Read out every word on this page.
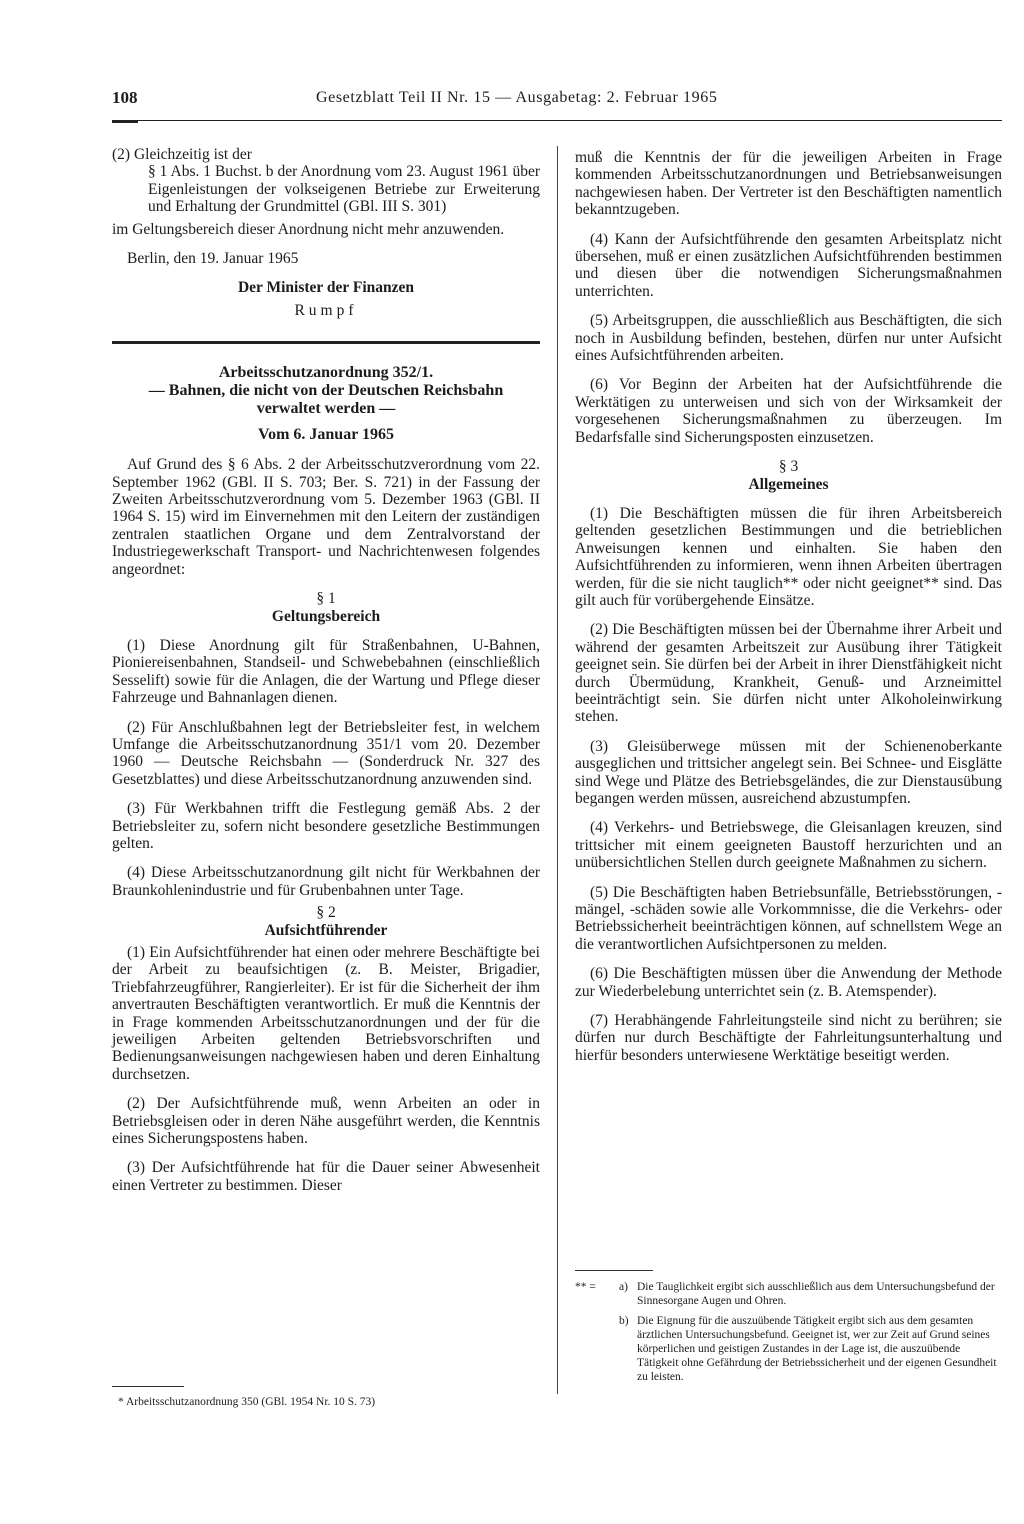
108	Gesetzblatt Teil II Nr. 15 — Ausgabetag: 2. Februar 1965

(2) Gleichzeitig ist der

§ 1 Abs. 1 Buchst. b der Anordnung vom 23. August 1961 über Eigenleistungen der volkseigenen Betriebe zur Erweiterung und Erhaltung der Grundmittel (GBl. III S. 301)

im Geltungsbereich dieser Anordnung nicht mehr anzuwenden.

Berlin, den 19. Januar 1965

Der Minister der Finanzen

Rumpf

Arbeitsschutzanordnung 352/1.

— Bahnen, die nicht von der Deutschen Reichsbahn verwaltet werden —

Vom 6. Januar 1965

Auf Grund des § 6 Abs. 2 der Arbeitsschutzverordnung vom 22. September 1962 (GBl. II S. 703; Ber. S. 721) in der Fassung der Zweiten Arbeitsschutzverordnung vom 5. Dezember 1963 (GBl. II 1964 S. 15) wird im Einvernehmen mit den Leitern der zuständigen zentralen staatlichen Organe und dem Zentralvorstand der Industriegewerkschaft Transport- und Nachrichtenwesen folgendes angeordnet:

§ 1

Geltungsbereich

(1) Diese Anordnung gilt für Straßenbahnen, U-Bahnen, Pioniereisenbahnen, Standseil- und Schwebebahnen (einschließlich Sesselift) sowie für die Anlagen, die der Wartung und Pflege dieser Fahrzeuge und Bahnanlagen dienen.

(2) Für Anschlußbahnen legt der Betriebsleiter fest, in welchem Umfange die Arbeitsschutzanordnung 351/1 vom 20. Dezember 1960 — Deutsche Reichsbahn — (Sonderdruck Nr. 327 des Gesetzblattes) und diese Arbeitsschutzanordnung anzuwenden sind.

(3) Für Werkbahnen trifft die Festlegung gemäß Abs. 2 der Betriebsleiter zu, sofern nicht besondere gesetzliche Bestimmungen gelten.

(4) Diese Arbeitsschutzanordnung gilt nicht für Werkbahnen der Braunkohlenindustrie und für Grubenbahnen unter Tage.

§ 2

Aufsichtführender

(1) Ein Aufsichtführender hat einen oder mehrere Beschäftigte bei der Arbeit zu beaufsichtigen (z. B. Meister, Brigadier, Triebfahrzeugführer, Rangierleiter). Er ist für die Sicherheit der ihm anvertrauten Beschäftigten verantwortlich. Er muß die Kenntnis der in Frage kommenden Arbeitsschutzanordnungen und der für die jeweiligen Arbeiten geltenden Betriebsvorschriften und Bedienungsanweisungen nachgewiesen haben und deren Einhaltung durchsetzen.

(2) Der Aufsichtführende muß, wenn Arbeiten an oder in Betriebsgleisen oder in deren Nähe ausgeführt werden, die Kenntnis eines Sicherungspostens haben.

(3) Der Aufsichtführende hat für die Dauer seiner Abwesenheit einen Vertreter zu bestimmen. Dieser

* Arbeitsschutzanordnung 350 (GBl. 1954 Nr. 10 S. 73)

muß die Kenntnis der für die jeweiligen Arbeiten in Frage kommenden Arbeitsschutzanordnungen und Betriebsanweisungen nachgewiesen haben. Der Vertreter ist den Beschäftigten namentlich bekanntzugeben.

(4) Kann der Aufsichtführende den gesamten Arbeitsplatz nicht übersehen, muß er einen zusätzlichen Aufsichtführenden bestimmen und diesen über die notwendigen Sicherungsmaßnahmen unterrichten.

(5) Arbeitsgruppen, die ausschließlich aus Beschäftigten, die sich noch in Ausbildung befinden, bestehen, dürfen nur unter Aufsicht eines Aufsichtführenden arbeiten.

(6) Vor Beginn der Arbeiten hat der Aufsichtführende die Werktätigen zu unterweisen und sich von der Wirksamkeit der vorgesehenen Sicherungsmaßnahmen zu überzeugen. Im Bedarfsfalle sind Sicherungsposten einzusetzen.

§ 3

Allgemeines

(1) Die Beschäftigten müssen die für ihren Arbeitsbereich geltenden gesetzlichen Bestimmungen und die betrieblichen Anweisungen kennen und einhalten. Sie haben den Aufsichtführenden zu informieren, wenn ihnen Arbeiten übertragen werden, für die sie nicht tauglich** oder nicht geeignet** sind. Das gilt auch für vorübergehende Einsätze.

(2) Die Beschäftigten müssen bei der Übernahme ihrer Arbeit und während der gesamten Arbeitszeit zur Ausübung ihrer Tätigkeit geeignet sein. Sie dürfen bei der Arbeit in ihrer Dienstfähigkeit nicht durch Übermüdung, Krankheit, Genuß- und Arzneimittel beeinträchtigt sein. Sie dürfen nicht unter Alkoholeinwirkung stehen.

(3) Gleisüberwege müssen mit der Schienenoberkante ausgeglichen und trittsicher angelegt sein. Bei Schnee- und Eisglätte sind Wege und Plätze des Betriebsgeländes, die zur Dienstausübung begangen werden müssen, ausreichend abzustumpfen.

(4) Verkehrs- und Betriebswege, die Gleisanlagen kreuzen, sind trittsicher mit einem geeigneten Baustoff herzurichten und an unübersichtlichen Stellen durch geeignete Maßnahmen zu sichern.

(5) Die Beschäftigten haben Betriebsunfälle, Betriebsstörungen, -mängel, -schäden sowie alle Vorkommnisse, die die Verkehrs- oder Betriebssicherheit beeinträchtigen können, auf schnellstem Wege an die verantwortlichen Aufsichtpersonen zu melden.

(6) Die Beschäftigten müssen über die Anwendung der Methode zur Wiederbelebung unterrichtet sein (z. B. Atemspender).

(7) Herabhängende Fahrleitungsteile sind nicht zu berühren; sie dürfen nur durch Beschäftigte der Fahrleitungsunterhaltung und hierfür besonders unterwiesene Werktätige beseitigt werden.

** =	a) Die Tauglichkeit ergibt sich ausschließlich aus dem Untersuchungsbefund der Sinnesorgane Augen und Ohren.
b) Die Eignung für die auszuübende Tätigkeit ergibt sich aus dem gesamten ärztlichen Untersuchungsbefund. Geeignet ist, wer zur Zeit auf Grund seines körperlichen und geistigen Zustandes in der Lage ist, die auszuübende Tätigkeit ohne Gefährdung der Betriebssicherheit und der eigenen Gesundheit zu leisten.
